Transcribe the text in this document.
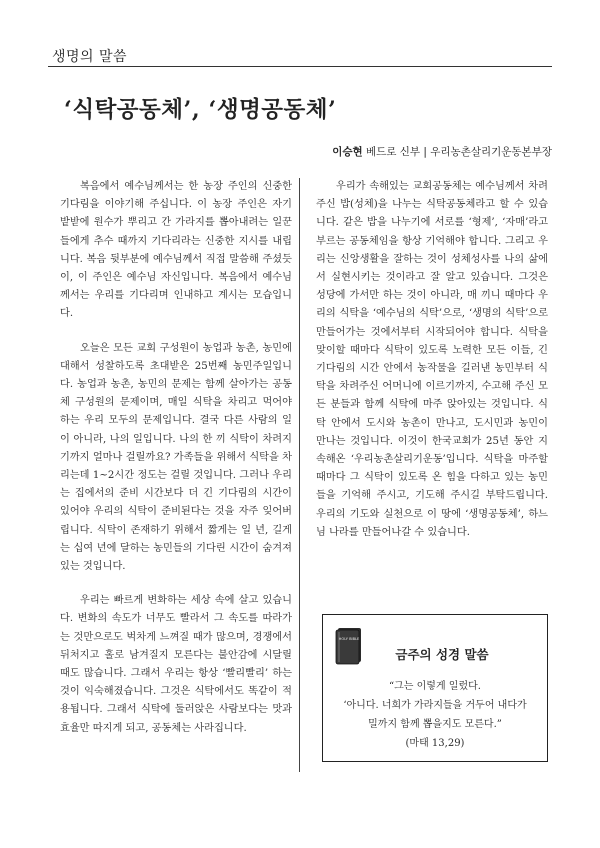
생명의 말씀
‘식탁공동체’, ‘생명공동체’
이승현 베드로 신부 | 우리농촌살리기운동본부장

복음에서 예수님께서는 한 농장 주인의 신중한 기다림을 이야기해 주십니다. 이 농장 주인은 자기 밭받에 원수가 뿌리고 간 가라지를 뽑아내려는 일꾼들에게 추수 때까지 기다리라는 신중한 지시를 내립니다. 복음 뒷부분에 예수님께서 직접 말씀해 주셨듯이, 이 주인은 예수님 자신입니다. 복음에서 예수님께서는 우리를 기다리며 인내하고 계시는 모습입니다.

오늘은 모든 교회 구성원이 농업과 농촌, 농민에 대해서 성찰하도록 초대받은 25번째 농민주일입니다. 농업과 농촌, 농민의 문제는 함께 살아가는 공동체 구성원의 문제이며, 매일 식탁을 차리고 먹어야 하는 우리 모두의 문제입니다. 결국 다른 사람의 일이 아니라, 나의 일입니다. 나의 한 끼 식탁이 차려지기까지 얼마나 걸릴까요? 가족들을 위해서 식탁을 차리는데 1~2시간 정도는 걸릴 것입니다. 그러나 우리는 집에서의 준비 시간보다 더 긴 기다림의 시간이 있어야 우리의 식탁이 준비된다는 것을 자주 잊어버립니다. 식탁이 존재하기 위해서 짧게는 일 년, 길게는 십여 년에 달하는 농민들의 기다린 시간이 숨겨져 있는 것입니다.

우리는 빠르게 변화하는 세상 속에 살고 있습니다. 변화의 속도가 너무도 빨라서 그 속도를 따라가는 것만으로도 벅차게 느껴질 때가 많으며, 경쟁에서 뒤처지고 홀로 남겨질지 모른다는 불안감에 시달릴 때도 많습니다. 그래서 우리는 항상 ‘빨리빨리’ 하는 것이 익숙해졌습니다. 그것은 식탁에서도 똑같이 적용됩니다. 그래서 식탁에 둘러앉은 사람보다는 맛과 효율만 따지게 되고, 공동체는 사라집니다.

우리가 속해있는 교회공동체는 예수님께서 차려주신 밥(성체)을 나누는 식탁공동체라고 할 수 있습니다. 같은 밥을 나누기에 서로를 ‘형제’, ‘자매’라고 부르는 공동체임을 항상 기억해야 합니다. 그리고 우리는 신앙생활을 잘하는 것이 성체성사를 나의 삶에서 실현시키는 것이라고 잘 알고 있습니다. 그것은 성당에 가서만 하는 것이 아니라, 매 끼니 때마다 우리의 식탁을 ‘예수님의 식탁’으로, ‘생명의 식탁’으로 만들어가는 것에서부터 시작되어야 합니다. 식탁을 맞이할 때마다 식탁이 있도록 노력한 모든 이들, 긴 기다림의 시간 안에서 농작물을 길러낸 농민부터 식탁을 차려주신 어머니에 이르기까지, 수고해 주신 모든 분들과 함께 식탁에 마주 앉아있는 것입니다. 식탁 안에서 도시와 농촌이 만나고, 도시민과 농민이 만나는 것입니다. 이것이 한국교회가 25년 동안 지속해온 ‘우리농촌살리기운동’입니다. 식탁을 마주할 때마다 그 식탁이 있도록 온 힘을 다하고 있는 농민들을 기억해 주시고, 기도해 주시길 부탁드립니다. 우리의 기도와 실천으로 이 땅에 ‘생명공동체’, 하느님 나라를 만들어나갈 수 있습니다.

HOLY BIBLE
금주의 성경 말씀
“그는 이렇게 일렀다.
‘아니다. 너희가 가라지들을 거두어 내다가
밀까지 함께 뽑을지도 모른다.”
(마태 13,29)
